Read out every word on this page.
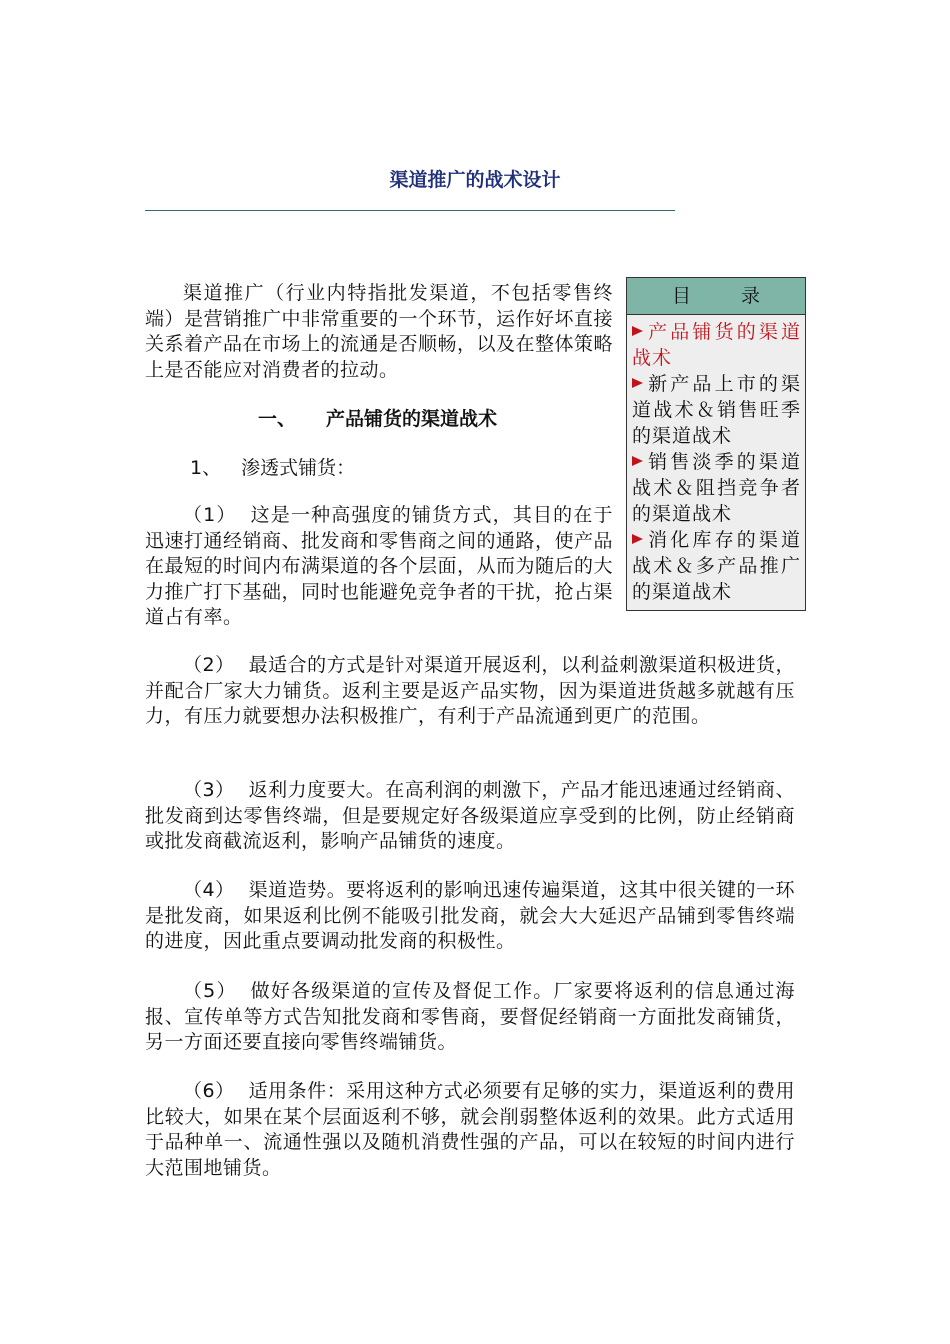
渠道推广的战术设计
渠道推广（行业内特指批发渠道，不包括零售终端）是营销推广中非常重要的一个环节，运作好坏直接关系着产品在市场上的流通是否顺畅，以及在整体策略上是否能应对消费者的拉动。
一、 产品铺货的渠道战术
1、 渗透式铺货：
（1） 这是一种高强度的铺货方式，其目的在于迅速打通经销商、批发商和零售商之间的通路，使产品在最短的时间内布满渠道的各个层面，从而为随后的大力推广打下基础，同时也能避免竞争者的干扰，抢占渠道占有率。
（2） 最适合的方式是针对渠道开展返利，以利益刺激渠道积极进货，并配合厂家大力铺货。返利主要是返产品实物，因为渠道进货越多就越有压力，有压力就要想办法积极推广，有利于产品流通到更广的范围。
（3） 返利力度要大。在高利润的刺激下，产品才能迅速通过经销商、批发商到达零售终端，但是要规定好各级渠道应享受到的比例，防止经销商或批发商截流返利，影响产品铺货的速度。
（4） 渠道造势。要将返利的影响迅速传遍渠道，这其中很关键的一环是批发商，如果返利比例不能吸引批发商，就会大大延迟产品铺到零售终端的进度，因此重点要调动批发商的积极性。
（5） 做好各级渠道的宣传及督促工作。厂家要将返利的信息通过海报、宣传单等方式告知批发商和零售商，要督促经销商一方面批发商铺货，另一方面还要直接向零售终端铺货。
（6） 适用条件：采用这种方式必须要有足够的实力，渠道返利的费用比较大，如果在某个层面返利不够，就会削弱整体返利的效果。此方式适用于品种单一、流通性强以及随机消费性强的产品，可以在较短的时间内进行大范围地铺货。
目 录
产品铺货的渠道战术
新产品上市的渠道战术＆销售旺季的渠道战术
销售淡季的渠道战术＆阻挡竞争者的渠道战术
消化库存的渠道战术＆多产品推广的渠道战术
